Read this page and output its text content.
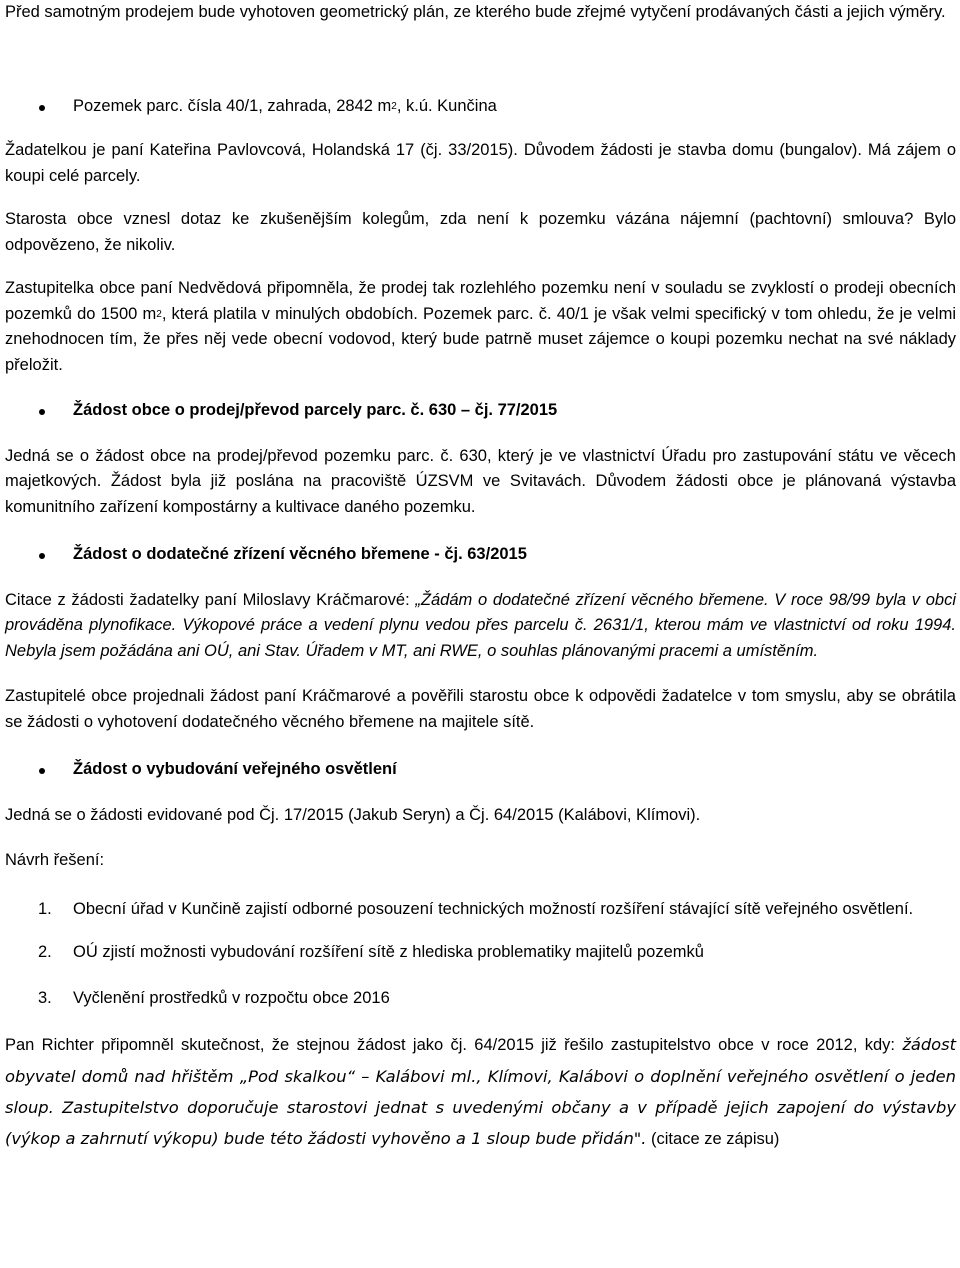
Před samotným prodejem bude vyhotoven geometrický plán, ze kterého bude zřejmé vytyčení prodávaných části a jejich výměry.

Pozemek parc. čísla 40/1, zahrada, 2842 $m^2$, k.ú. Kunčina

Žadatelkou je paní Kateřina Pavlovcová, Holandská 17 (čj. 33/2015). Důvodem žádosti je stavba domu (bungalov). Má zájem o koupi celé parcely.

Starosta obce vznesl dotaz ke zkušenějším kolegům, zda není k pozemku vázána nájemní (pachtovní) smlouva? Bylo odpovězeno, že nikoliv.

Zastupitelka obce paní Nedvědová připomněla, že prodej tak rozlehlého pozemku není v souladu se zvyklostí o prodeji obecních pozemků do 1500 $m^2$, která platila v minulých obdobích. Pozemek parc. č. 40/1 je však velmi specifický v tom ohledu, že je velmi znehodnocen tím, že přes něj vede obecní vodovod, který bude patrně muset zájemce o koupi pozemku nechat na své náklady přeložit.

Žádost obce o prodej/převod parcely parc. č. 630 – čj. 77/2015

Jedná se o žádost obce na prodej/převod pozemku parc. č. 630, který je ve vlastnictví Úřadu pro zastupování státu ve věcech majetkových. Žádost byla již poslána na pracoviště ÚZSVM ve Svitavách. Důvodem žádosti obce je plánovaná výstavba komunitního zařízení kompostárny a kultivace daného pozemku.

Žádost o dodatečné zřízení věcného břemene - čj. 63/2015

Citace z žádosti žadatelky paní Miloslavy Kráčmarové: „Žádám o dodatečné zřízení věcného břemene. V roce 98/99 byla v obci prováděna plynofikace. Výkopové práce a vedení plynu vedou přes parcelu č. 2631/1, kterou mám ve vlastnictví od roku 1994. Nebyla jsem požádána ani OÚ, ani Stav. Úřadem v MT, ani RWE, o souhlas plánovanými pracemi a umístěním.

Zastupitelé obce projednali žádost paní Kráčmarové a pověřili starostu obce k odpovědi žadatelce v tom smyslu, aby se obrátila se žádosti o vyhotovení dodatečného věcného břemene na majitele sítě.

Žádost o vybudování veřejného osvětlení

Jedná se o žádosti evidované pod Čj. 17/2015 (Jakub Seryn) a Čj. 64/2015 (Kalábovi, Klímovi).

Návrh řešení:

1. Obecní úřad v Kunčině zajistí odborné posouzení technických možností rozšíření stávající sítě veřejného osvětlení.
2. OÚ zjistí možnosti vybudování rozšíření sítě z hlediska problematiky majitelů pozemků
3. Vyčlenění prostředků v rozpočtu obce 2016

Pan Richter připomněl skutečnost, že stejnou žádost jako čj. 64/2015 již řešilo zastupitelstvo obce v roce 2012, kdy: žádost obyvatel domů nad hřištěm „Pod skalkou“ – Kalábovi ml., Klímovi, Kalábovi o doplnění veřejného osvětlení o jeden sloup. Zastupitelstvo doporučuje starostovi jednat s uvedenými občany a v případě jejich zapojení do výstavby (výkop a zahrnutí výkopu) bude této žádosti vyhověno a 1 sloup bude přidán". (citace ze zápisu)
